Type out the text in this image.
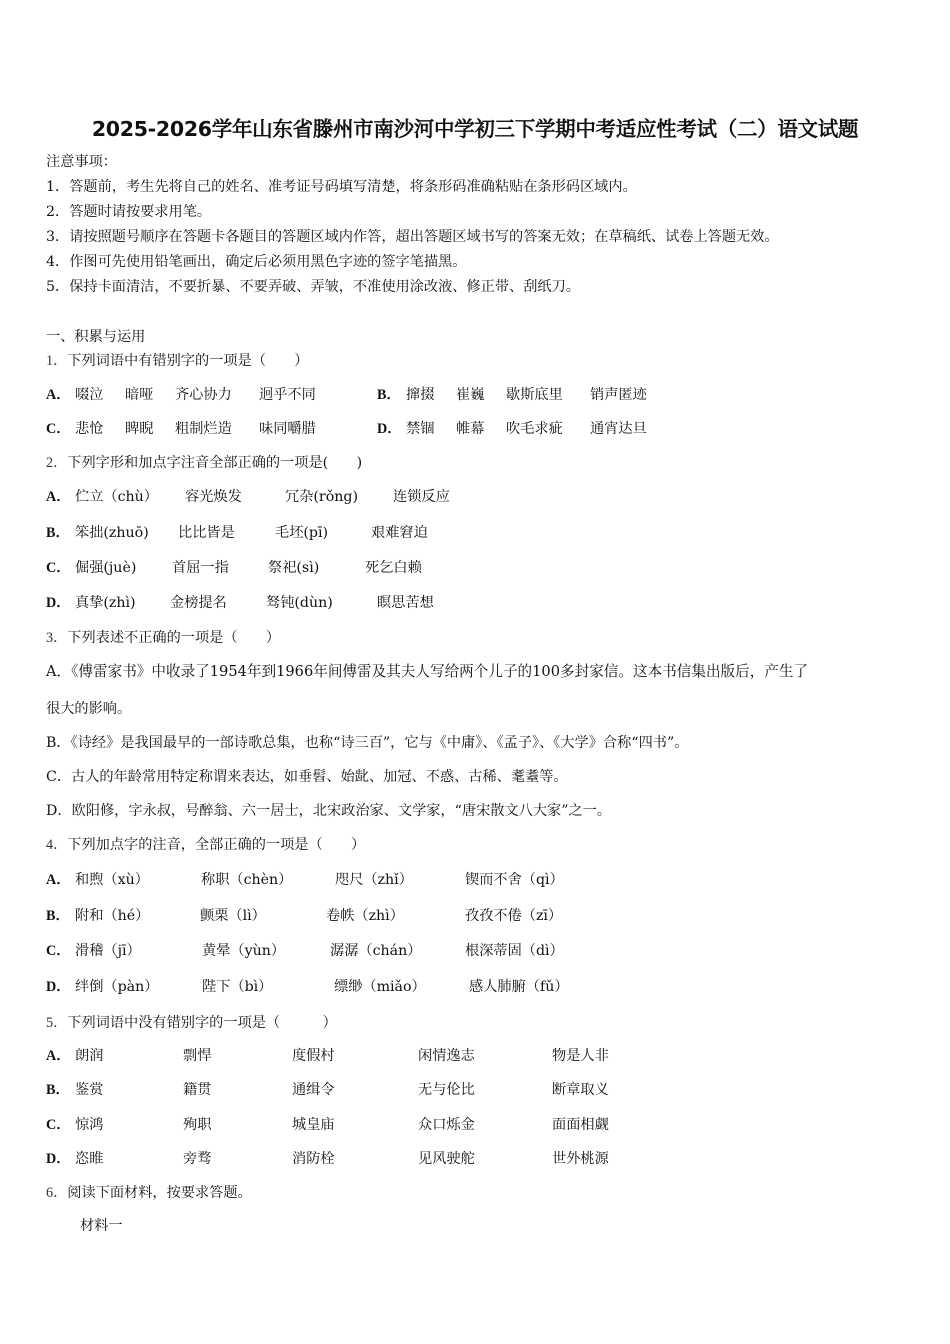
2025-2026学年山东省滕州市南沙河中学初三下学期中考适应性考试（二）语文试题
注意事项：
1．答题前，考生先将自己的姓名、准考证号码填写清楚，将条形码准确粘贴在条形码区域内。
2．答题时请按要求用笔。
3．请按照题号顺序在答题卡各题目的答题区域内作答，超出答题区域书写的答案无效；在草稿纸、试卷上答题无效。
4．作图可先使用铅笔画出，确定后必须用黑色字迹的签字笔描黑。
5．保持卡面清洁，不要折暴、不要弄破、弄皱，不准使用涂改液、修正带、刮纸刀。
一、积累与运用
1．下列词语中有错别字的一项是（　　）
A． 啜泣 暗哑 齐心协力 迥乎不同	B． 撺掇 崔巍 歇斯底里 销声匿迹
C． 悲怆 睥睨 粗制烂造 味同嚼腊	D． 禁锢 帷幕 吹毛求疵 通宵达旦
2．下列字形和加点字注音全部正确的一项是(　　)
A． 伫立（chù） 容光焕发	冗杂(rǒng) 连锁反应
B． 笨拙(zhuō) 比比皆是	毛坯(pī)	艰难窘迫
C． 倔强(juè)	首屈一指	祭祀(sì)	死乞白赖
D． 真挚(zhì) 金榜提名	驽钝(dùn)	瞑思苦想
3．下列表述不正确的一项是（　　）
A．《傅雷家书》中收录了1954年到1966年间傅雷及其夫人写给两个儿子的100多封家信。这本书信集出版后，产生了
很大的影响。
B．《诗经》是我国最早的一部诗歌总集，也称“诗三百”，它与《中庸》、《孟子》、《大学》合称“四书”。
C．古人的年龄常用特定称谓来表达，如垂髫、始龀、加冠、不惑、古稀、耄耋等。
D．欧阳修，字永叔，号醉翁、六一居士，北宋政治家、文学家，“唐宋散文八大家”之一。
4．下列加点字的注音，全部正确的一项是（　　）
A． 和煦（xù）	称职（chèn）	咫尺（zhǐ）	锲而不舍（qì）
B． 附和（hé）	颤栗（lì）	卷帙（zhì）	孜孜不倦（zī）
C． 滑稽（jī）	黄晕（yùn）	潺潺（chán）	根深蒂固（dì）
D． 绊倒（pàn）	陛下（bì）	缥缈（miǎo）	感人肺腑（fǔ）
5．下列词语中没有错别字的一项是（　　　）
A． 朗润	剽悍	度假村	闲情逸志	物是人非
B． 鉴赏	籍贯	通缉令	无与伦比	断章取义
C． 惊鸿	殉职	城皇庙	众口烁金	面面相觑
D． 恣睢	旁骛	消防栓	见风驶舵	世外桃源
6．阅读下面材料，按要求答题。
材料一
